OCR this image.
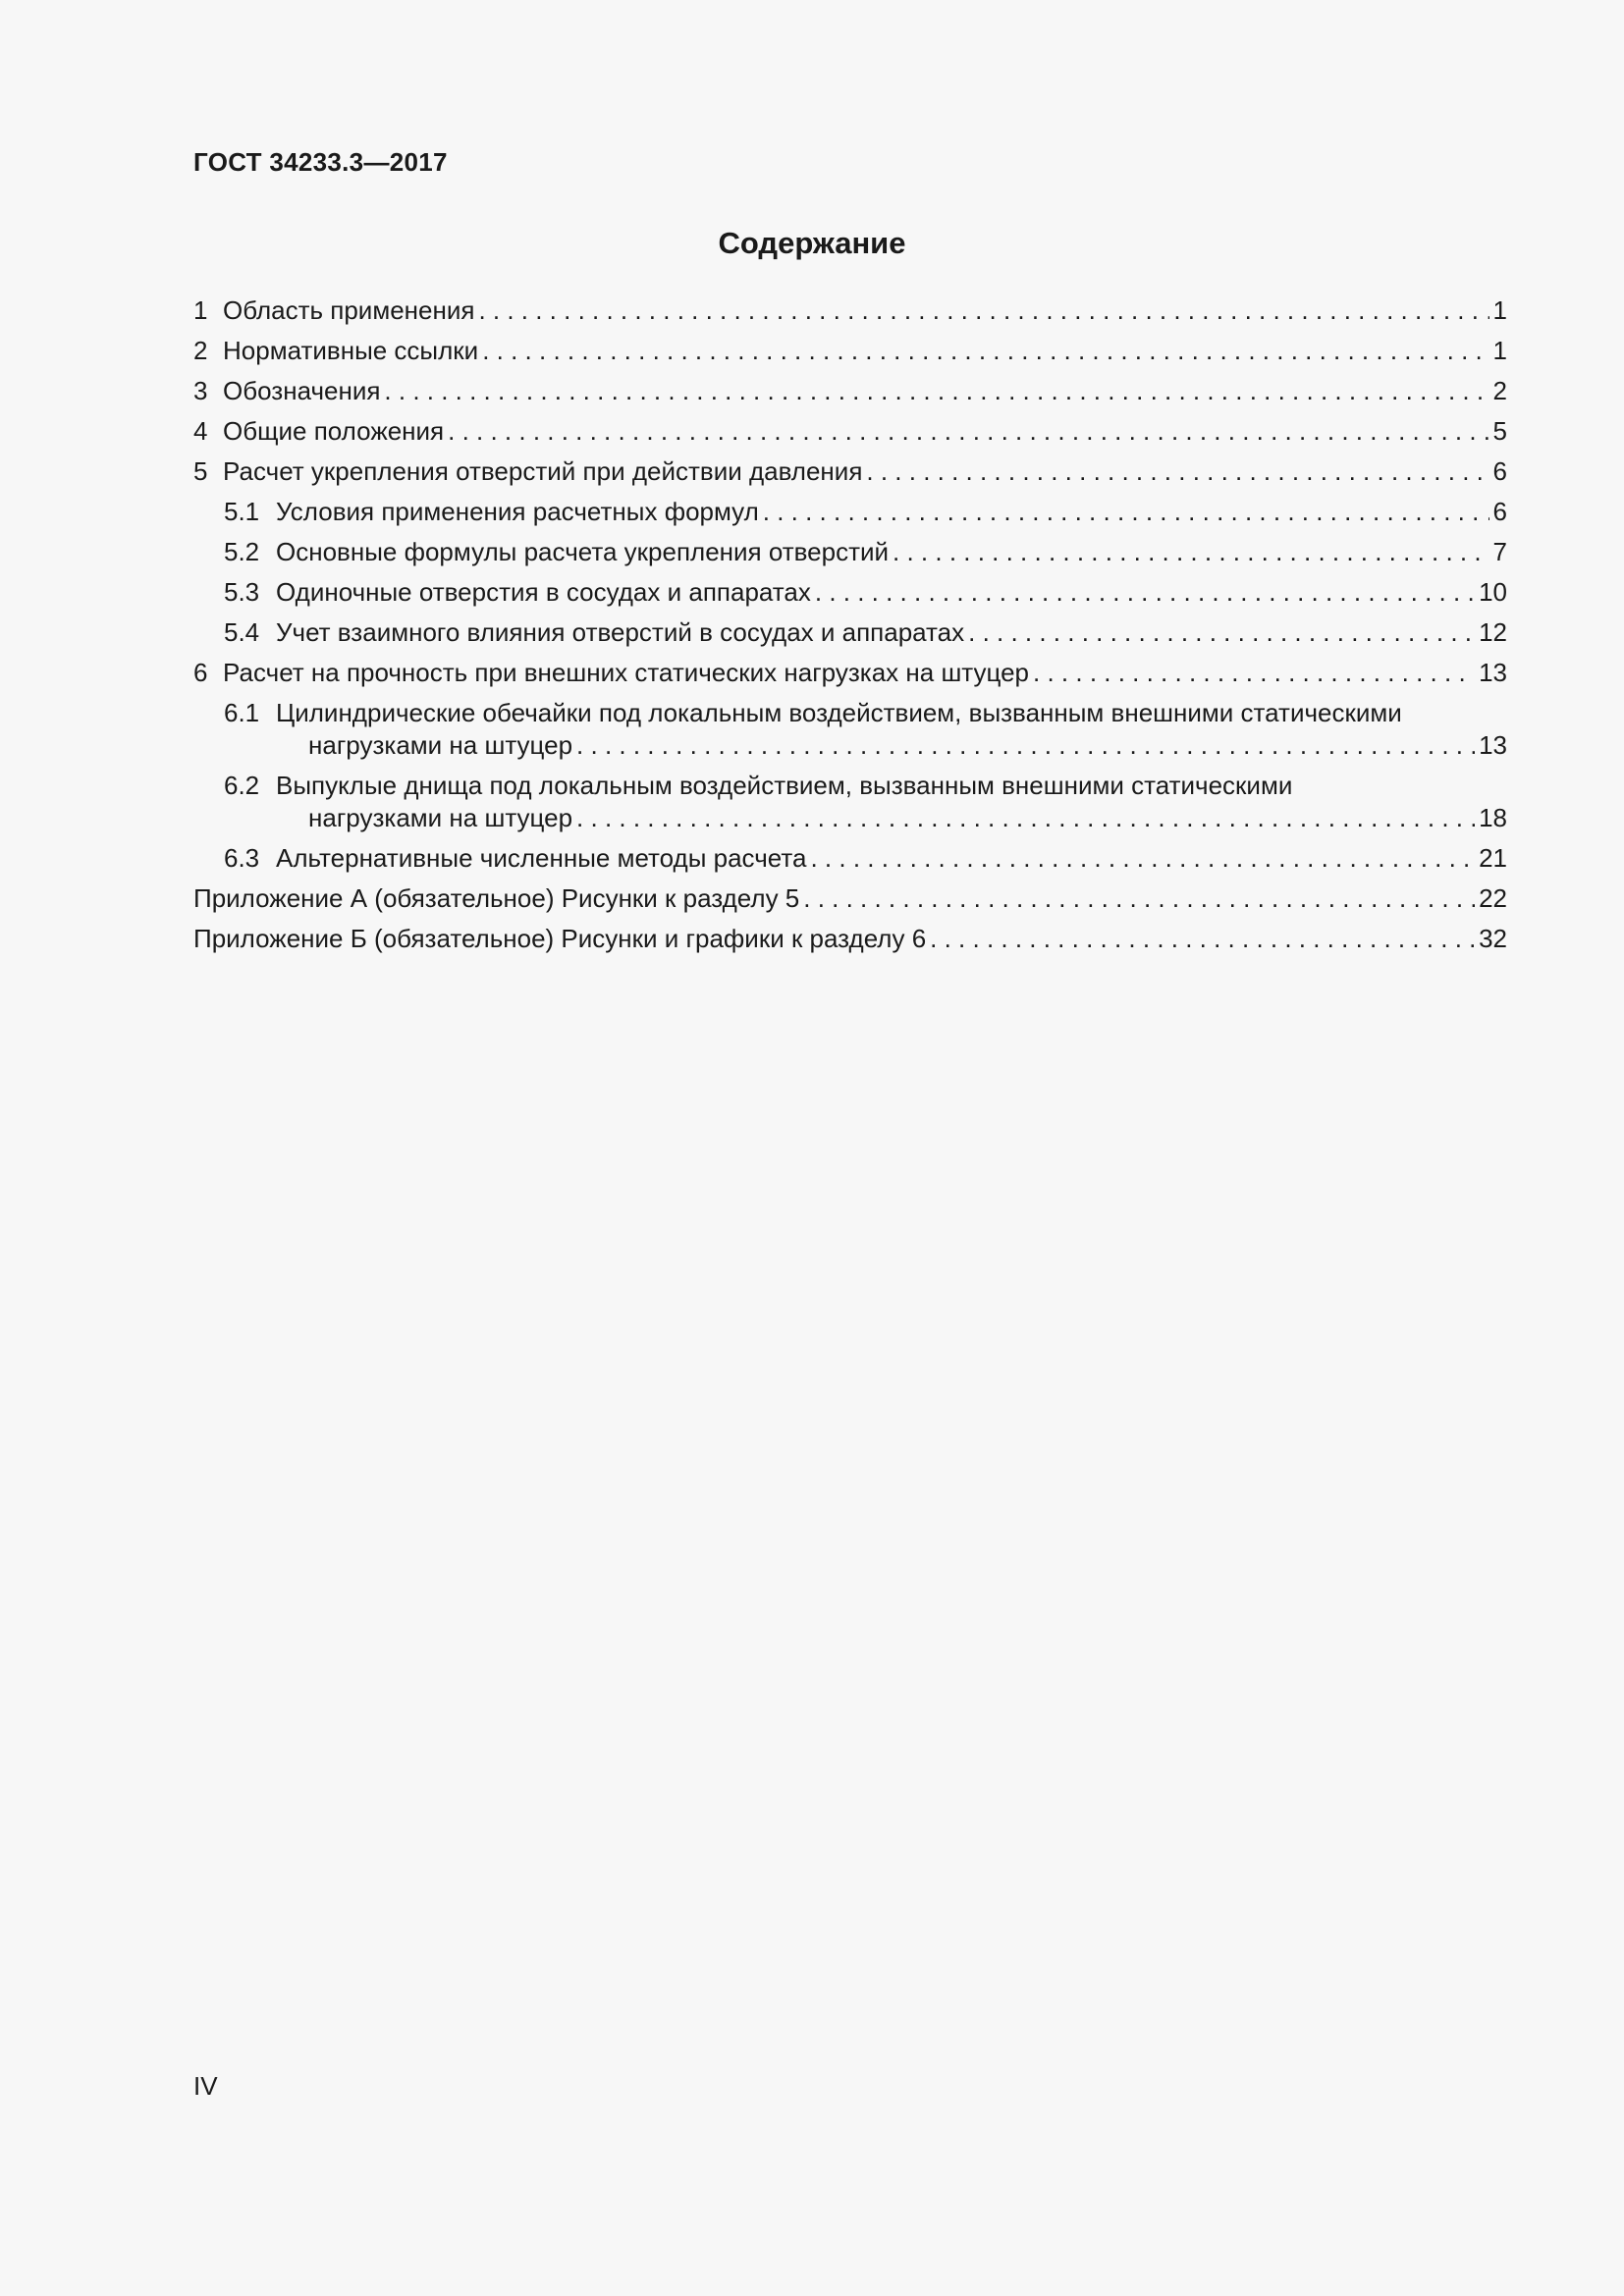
ГОСТ 34233.3—2017
Содержание
1 Область применения . . .	1
2 Нормативные ссылки . . .	1
3 Обозначения . . .	2
4 Общие положения . . .	5
5 Расчет укрепления отверстий при действии давления . . .	6
5.1 Условия применения расчетных формул . . .	6
5.2 Основные формулы расчета укрепления отверстий . . .	7
5.3 Одиночные отверстия в сосудах и аппаратах . . .	10
5.4 Учет взаимного влияния отверстий в сосудах и аппаратах . . .	12
6 Расчет на прочность при внешних статических нагрузках на штуцер . . .	13
6.1 Цилиндрические обечайки под локальным воздействием, вызванным внешними статическими
нагрузками на штуцер . . .	13
6.2 Выпуклые днища под локальным воздействием, вызванным внешними статическими
нагрузками на штуцер . . .	18
6.3 Альтернативные численные методы расчета . . .	21
Приложение А (обязательное) Рисунки к разделу 5 . . .	22
Приложение Б (обязательное) Рисунки и графики к разделу 6 . . .	32
IV
